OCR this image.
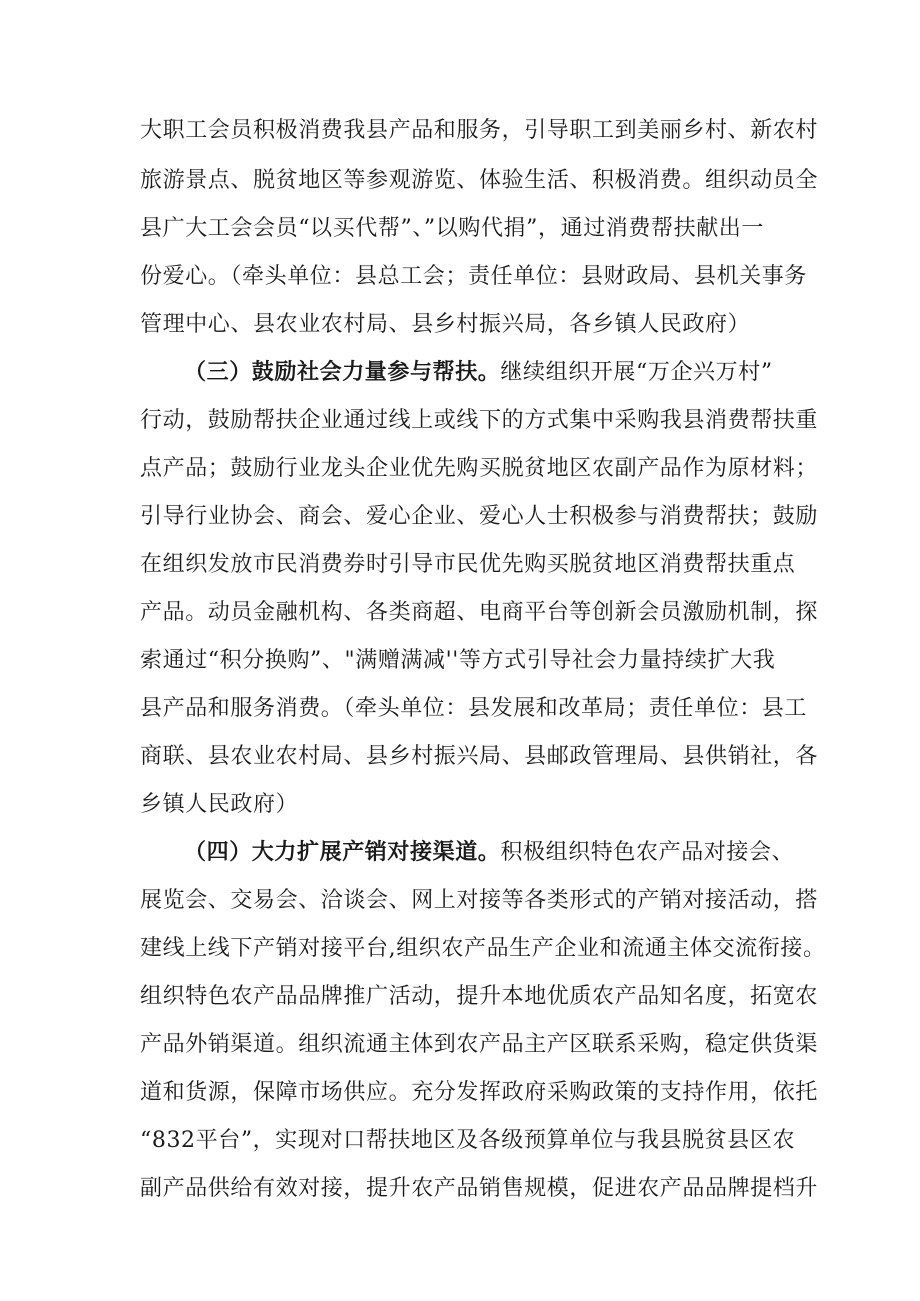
大职工会员积极消费我县产品和服务，引导职工到美丽乡村、新农村
旅游景点、脱贫地区等参观游览、体验生活、积极消费。组织动员全
县广大工会会员“以买代帮”、”以购代捐”，通过消费帮扶献出一
份爱心。（牵头单位：县总工会；责任单位：县财政局、县机关事务
管理中心、县农业农村局、县乡村振兴局，各乡镇人民政府）
（三）鼓励社会力量参与帮扶。继续组织开展“万企兴万村”
行动，鼓励帮扶企业通过线上或线下的方式集中采购我县消费帮扶重
点产品；鼓励行业龙头企业优先购买脱贫地区农副产品作为原材料；
引导行业协会、商会、爱心企业、爱心人士积极参与消费帮扶；鼓励
在组织发放市民消费券时引导市民优先购买脱贫地区消费帮扶重点
产品。动员金融机构、各类商超、电商平台等创新会员激励机制，探
索通过“积分换购”、"满赠满减''等方式引导社会力量持续扩大我
县产品和服务消费。（牵头单位：县发展和改革局；责任单位：县工
商联、县农业农村局、县乡村振兴局、县邮政管理局、县供销社，各
乡镇人民政府）
（四）大力扩展产销对接渠道。积极组织特色农产品对接会、
展览会、交易会、洽谈会、网上对接等各类形式的产销对接活动，搭
建线上线下产销对接平台,组织农产品生产企业和流通主体交流衔接。
组织特色农产品品牌推广活动，提升本地优质农产品知名度，拓宽农
产品外销渠道。组织流通主体到农产品主产区联系采购，稳定供货渠
道和货源，保障市场供应。充分发挥政府采购政策的支持作用，依托
“832平台”，实现对口帮扶地区及各级预算单位与我县脱贫县区农
副产品供给有效对接，提升农产品销售规模，促进农产品品牌提档升
